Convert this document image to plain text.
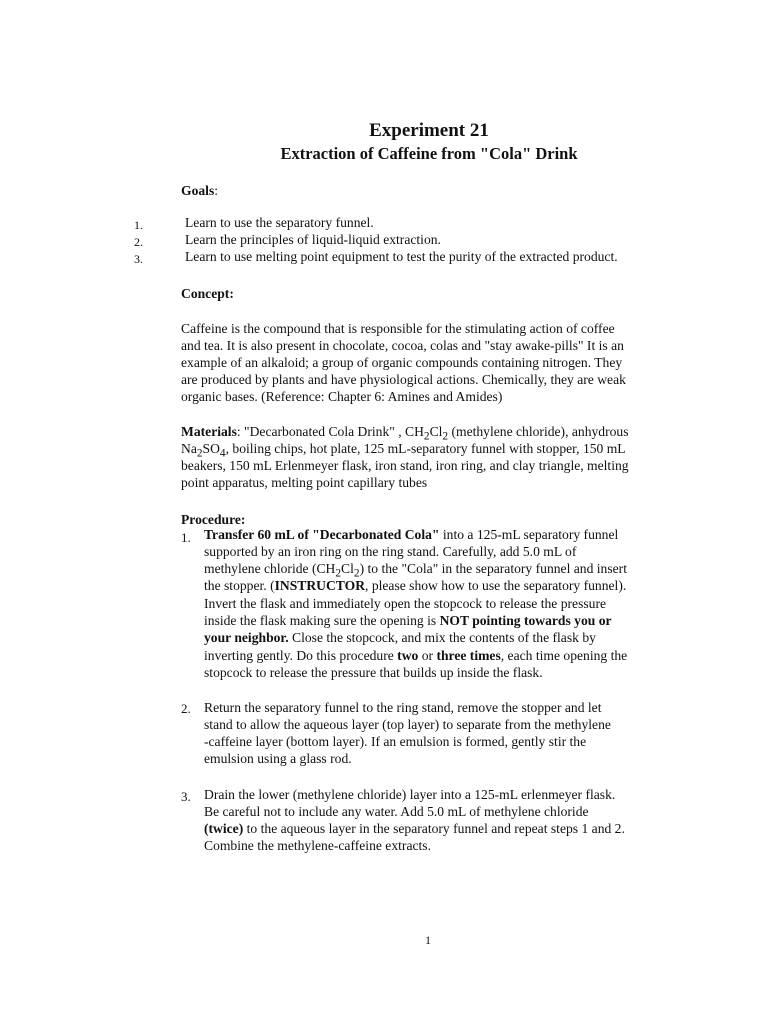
Experiment 21
Extraction of Caffeine from "Cola" Drink
Goals:
1.	Learn to use the separatory funnel.
2.	Learn the principles of liquid-liquid extraction.
3.	Learn to use melting point equipment to test the purity of the extracted product.
Concept:
Caffeine is the compound that is responsible for the stimulating action of coffee
and tea. It is also present in chocolate, cocoa, colas and "stay awake-pills" It is an
example of an alkaloid; a group of organic compounds containing nitrogen. They
are produced by plants and have physiological actions. Chemically, they are weak
organic bases. (Reference: Chapter 6: Amines and Amides)
Materials: "Decarbonated Cola Drink" , $CH_2Cl_2$ (methylene chloride), anhydrous
$Na_2SO_4$, boiling chips, hot plate, 125 mL-separatory funnel with stopper, 150 mL
beakers, 150 mL Erlenmeyer flask, iron stand, iron ring, and clay triangle, melting
point apparatus, melting point capillary tubes
Procedure:
1. Transfer 60 mL of "Decarbonated Cola" into a 125-mL separatory funnel
supported by an iron ring on the ring stand. Carefully, add 5.0 mL of
methylene chloride $(CH_2Cl_2)$ to the "Cola" in the separatory funnel and insert
the stopper. (INSTRUCTOR, please show how to use the separatory funnel).
Invert the flask and immediately open the stopcock to release the pressure
inside the flask making sure the opening is NOT pointing towards you or
your neighbor. Close the stopcock, and mix the contents of the flask by
inverting gently. Do this procedure two or three times, each time opening the
stopcock to release the pressure that builds up inside the flask.
2. Return the separatory funnel to the ring stand, remove the stopper and let
stand to allow the aqueous layer (top layer) to separate from the methylene
-caffeine layer (bottom layer). If an emulsion is formed, gently stir the
emulsion using a glass rod.
3. Drain the lower (methylene chloride) layer into a 125-mL erlenmeyer flask.
Be careful not to include any water. Add 5.0 mL of methylene chloride
(twice) to the aqueous layer in the separatory funnel and repeat steps 1 and 2.
Combine the methylene-caffeine extracts.
1
